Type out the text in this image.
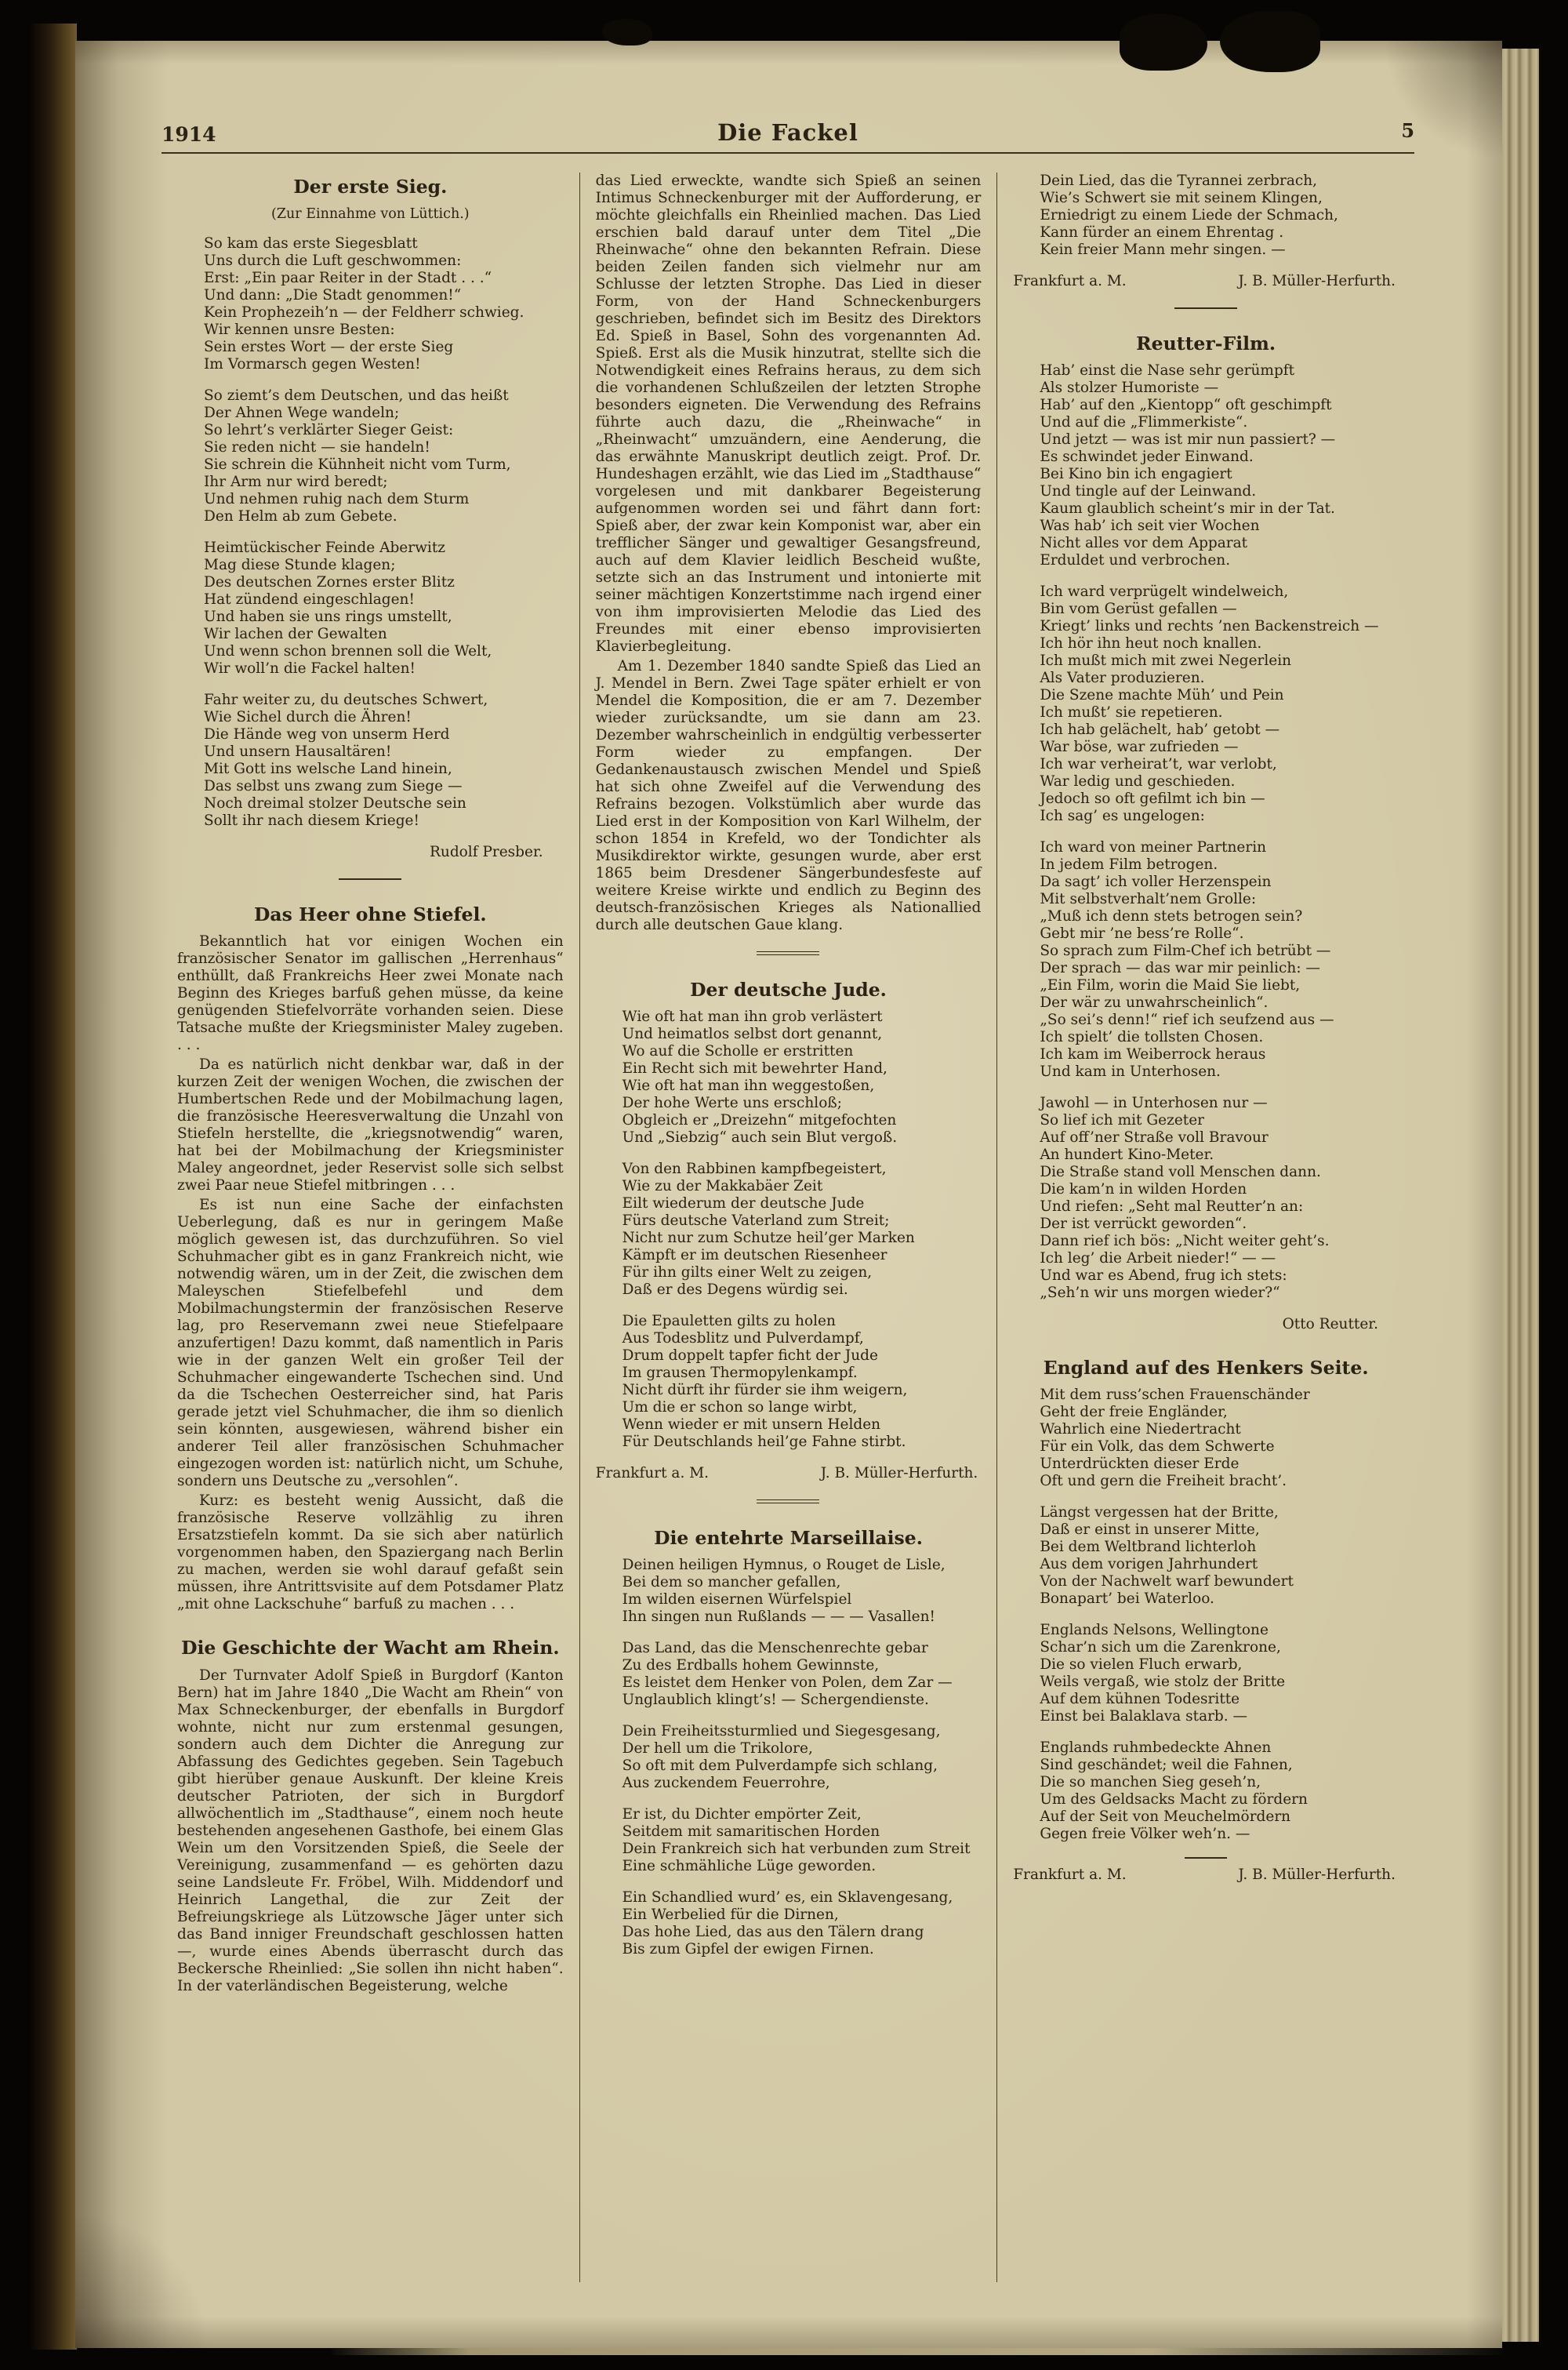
1914	Die Fackel	5
Der erste Sieg.
(Zur Einnahme von Lüttich.)
So kam das erste Siegesblatt
Uns durch die Luft geschwommen:
Erst: „Ein paar Reiter in der Stadt . . .“
Und dann: „Die Stadt genommen!“
Kein Prophezeih’n — der Feldherr schwieg.
Wir kennen unsre Besten:
Sein erstes Wort — der erste Sieg
Im Vormarsch gegen Westen!
So ziemt’s dem Deutschen, und das heißt
Der Ahnen Wege wandeln;
So lehrt’s verklärter Sieger Geist:
Sie reden nicht — sie handeln!
Sie schrein die Kühnheit nicht vom Turm,
Ihr Arm nur wird beredt;
Und nehmen ruhig nach dem Sturm
Den Helm ab zum Gebete.
Heimtückischer Feinde Aberwitz
Mag diese Stunde klagen;
Des deutschen Zornes erster Blitz
Hat zündend eingeschlagen!
Und haben sie uns rings umstellt,
Wir lachen der Gewalten
Und wenn schon brennen soll die Welt,
Wir woll’n die Fackel halten!
Fahr weiter zu, du deutsches Schwert,
Wie Sichel durch die Ähren!
Die Hände weg von unserm Herd
Und unsern Hausaltären!
Mit Gott ins welsche Land hinein,
Das selbst uns zwang zum Siege —
Noch dreimal stolzer Deutsche sein
Sollt ihr nach diesem Kriege!
Rudolf Presber.
Das Heer ohne Stiefel.

Bekanntlich hat vor einigen Wochen ein französischer Senator im gallischen „Herrenhaus“ enthüllt, daß Frankreichs Heer zwei Monate nach Beginn des Krieges barfuß gehen müsse, da keine genügenden Stiefelvorräte vorhanden seien. Diese Tatsache mußte der Kriegsminister Maley zugeben. . . .

Da es natürlich nicht denkbar war, daß in der kurzen Zeit der wenigen Wochen, die zwischen der Humbertschen Rede und der Mobilmachung lagen, die französische Heeresverwaltung die Unzahl von Stiefeln herstellte, die „kriegsnotwendig“ waren, hat bei der Mobilmachung der Kriegsminister Maley angeordnet, jeder Reservist solle sich selbst zwei Paar neue Stiefel mitbringen . . .

Es ist nun eine Sache der einfachsten Ueberlegung, daß es nur in geringem Maße möglich gewesen ist, das durchzuführen. So viel Schuhmacher gibt es in ganz Frankreich nicht, wie notwendig wären, um in der Zeit, die zwischen dem Maleyschen Stiefelbefehl und dem Mobilmachungstermin der französischen Reserve lag, pro Reservemann zwei neue Stiefelpaare anzufertigen! Dazu kommt, daß namentlich in Paris wie in der ganzen Welt ein großer Teil der Schuhmacher eingewanderte Tschechen sind. Und da die Tschechen Oesterreicher sind, hat Paris gerade jetzt viel Schuhmacher, die ihm so dienlich sein könnten, ausgewiesen, während bisher ein anderer Teil aller französischen Schuhmacher eingezogen worden ist: natürlich nicht, um Schuhe, sondern uns Deutsche zu „versohlen“.

Kurz: es besteht wenig Aussicht, daß die französische Reserve vollzählig zu ihren Ersatzstiefeln kommt. Da sie sich aber natürlich vorgenommen haben, den Spaziergang nach Berlin zu machen, werden sie wohl darauf gefaßt sein müssen, ihre Antrittsvisite auf dem Potsdamer Platz „mit ohne Lackschuhe“ barfuß zu machen . . .

Die Geschichte der Wacht am Rhein.

Der Turnvater Adolf Spieß in Burgdorf (Kanton Bern) hat im Jahre 1840 „Die Wacht am Rhein“ von Max Schneckenburger, der ebenfalls in Burgdorf wohnte, nicht nur zum erstenmal gesungen, sondern auch dem Dichter die Anregung zur Abfassung des Gedichtes gegeben. Sein Tagebuch gibt hierüber genaue Auskunft. Der kleine Kreis deutscher Patrioten, der sich in Burgdorf allwöchentlich im „Stadthause“, einem noch heute bestehenden angesehenen Gasthofe, bei einem Glas Wein um den Vorsitzenden Spieß, die Seele der Vereinigung, zusammenfand — es gehörten dazu seine Landsleute Fr. Fröbel, Wilh. Middendorf und Heinrich Langethal, die zur Zeit der Befreiungskriege als Lützowsche Jäger unter sich das Band inniger Freundschaft geschlossen hatten —, wurde eines Abends überrascht durch das Beckersche Rheinlied: „Sie sollen ihn nicht haben“. In der vaterländischen Begeisterung, welche

das Lied erweckte, wandte sich Spieß an seinen Intimus Schneckenburger mit der Aufforderung, er möchte gleichfalls ein Rheinlied machen. Das Lied erschien bald darauf unter dem Titel „Die Rheinwache“ ohne den bekannten Refrain. Diese beiden Zeilen fanden sich vielmehr nur am Schlusse der letzten Strophe. Das Lied in dieser Form, von der Hand Schneckenburgers geschrieben, befindet sich im Besitz des Direktors Ed. Spieß in Basel, Sohn des vorgenannten Ad. Spieß. Erst als die Musik hinzutrat, stellte sich die Notwendigkeit eines Refrains heraus, zu dem sich die vorhandenen Schlußzeilen der letzten Strophe besonders eigneten. Die Verwendung des Refrains führte auch dazu, die „Rheinwache“ in „Rheinwacht“ umzuändern, eine Aenderung, die das erwähnte Manuskript deutlich zeigt. Prof. Dr. Hundeshagen erzählt, wie das Lied im „Stadthause“ vorgelesen und mit dankbarer Begeisterung aufgenommen worden sei und fährt dann fort: Spieß aber, der zwar kein Komponist war, aber ein trefflicher Sänger und gewaltiger Gesangsfreund, auch auf dem Klavier leidlich Bescheid wußte, setzte sich an das Instrument und intonierte mit seiner mächtigen Konzertstimme nach irgend einer von ihm improvisierten Melodie das Lied des Freundes mit einer ebenso improvisierten Klavierbegleitung.

Am 1. Dezember 1840 sandte Spieß das Lied an J. Mendel in Bern. Zwei Tage später erhielt er von Mendel die Komposition, die er am 7. Dezember wieder zurücksandte, um sie dann am 23. Dezember wahrscheinlich in endgültig verbesserter Form wieder zu empfangen. Der Gedankenaustausch zwischen Mendel und Spieß hat sich ohne Zweifel auf die Verwendung des Refrains bezogen. Volkstümlich aber wurde das Lied erst in der Komposition von Karl Wilhelm, der schon 1854 in Krefeld, wo der Tondichter als Musikdirektor wirkte, gesungen wurde, aber erst 1865 beim Dresdener Sängerbundesfeste auf weitere Kreise wirkte und endlich zu Beginn des deutsch-französischen Krieges als Nationallied durch alle deutschen Gaue klang.

Der deutsche Jude.
Wie oft hat man ihn grob verlästert
Und heimatlos selbst dort genannt,
Wo auf die Scholle er erstritten
Ein Recht sich mit bewehrter Hand,
Wie oft hat man ihn weggestoßen,
Der hohe Werte uns erschloß;
Obgleich er „Dreizehn“ mitgefochten
Und „Siebzig“ auch sein Blut vergoß.
Von den Rabbinen kampfbegeistert,
Wie zu der Makkabäer Zeit
Eilt wiederum der deutsche Jude
Fürs deutsche Vaterland zum Streit;
Nicht nur zum Schutze heil’ger Marken
Kämpft er im deutschen Riesenheer
Für ihn gilts einer Welt zu zeigen,
Daß er des Degens würdig sei.
Die Epauletten gilts zu holen
Aus Todesblitz und Pulverdampf,
Drum doppelt tapfer ficht der Jude
Im grausen Thermopylenkampf.
Nicht dürft ihr fürder sie ihm weigern,
Um die er schon so lange wirbt,
Wenn wieder er mit unsern Helden
Für Deutschlands heil’ge Fahne stirbt.
Frankfurt a. M.	J. B. Müller-Herfurth.
Die entehrte Marseillaise.
Deinen heiligen Hymnus, o Rouget de Lisle,
Bei dem so mancher gefallen,
Im wilden eisernen Würfelspiel
Ihn singen nun Rußlands — — — Vasallen!
Das Land, das die Menschenrechte gebar
Zu des Erdballs hohem Gewinnste,
Es leistet dem Henker von Polen, dem Zar —
Unglaublich klingt’s! — Schergendienste.
Dein Freiheitssturmlied und Siegesgesang,
Der hell um die Trikolore,
So oft mit dem Pulverdampfe sich schlang,
Aus zuckendem Feuerrohre,
Er ist, du Dichter empörter Zeit,
Seitdem mit samaritischen Horden
Dein Frankreich sich hat verbunden zum Streit
Eine schmähliche Lüge geworden.
Ein Schandlied wurd’ es, ein Sklavengesang,
Ein Werbelied für die Dirnen,
Das hohe Lied, das aus den Tälern drang
Bis zum Gipfel der ewigen Firnen.
Dein Lied, das die Tyrannei zerbrach,
Wie’s Schwert sie mit seinem Klingen,
Erniedrigt zu einem Liede der Schmach,
Kann fürder an einem Ehrentag .
Kein freier Mann mehr singen. —
Frankfurt a. M.	J. B. Müller-Herfurth.
Reutter-Film.
Hab’ einst die Nase sehr gerümpft
Als stolzer Humoriste —
Hab’ auf den „Kientopp“ oft geschimpft
Und auf die „Flimmerkiste“.
Und jetzt — was ist mir nun passiert? —
Es schwindet jeder Einwand.
Bei Kino bin ich engagiert
Und tingle auf der Leinwand.
Kaum glaublich scheint’s mir in der Tat.
Was hab’ ich seit vier Wochen
Nicht alles vor dem Apparat
Erduldet und verbrochen.
Ich ward verprügelt windelweich,
Bin vom Gerüst gefallen —
Kriegt’ links und rechts ’nen Backenstreich —
Ich hör ihn heut noch knallen.
Ich mußt mich mit zwei Negerlein
Als Vater produzieren.
Die Szene machte Müh’ und Pein
Ich mußt’ sie repetieren.
Ich hab gelächelt, hab’ getobt —
War böse, war zufrieden —
Ich war verheirat’t, war verlobt,
War ledig und geschieden.
Jedoch so oft gefilmt ich bin —
Ich sag’ es ungelogen:
Ich ward von meiner Partnerin
In jedem Film betrogen.
Da sagt’ ich voller Herzenspein
Mit selbstverhalt’nem Grolle:
„Muß ich denn stets betrogen sein?
Gebt mir ’ne bess’re Rolle“.
So sprach zum Film-Chef ich betrübt —
Der sprach — das war mir peinlich: —
„Ein Film, worin die Maid Sie liebt,
Der wär zu unwahrscheinlich“.
„So sei’s denn!“ rief ich seufzend aus —
Ich spielt’ die tollsten Chosen.
Ich kam im Weiberrock heraus
Und kam in Unterhosen.
Jawohl — in Unterhosen nur —
So lief ich mit Gezeter
Auf off’ner Straße voll Bravour
An hundert Kino-Meter.
Die Straße stand voll Menschen dann.
Die kam’n in wilden Horden
Und riefen: „Seht mal Reutter’n an:
Der ist verrückt geworden“.
Dann rief ich bös: „Nicht weiter geht’s.
Ich leg’ die Arbeit nieder!“ — —
Und war es Abend, frug ich stets:
„Seh’n wir uns morgen wieder?“
Otto Reutter.
England auf des Henkers Seite.
Mit dem russ’schen Frauenschänder
Geht der freie Engländer,
Wahrlich eine Niedertracht
Für ein Volk, das dem Schwerte
Unterdrückten dieser Erde
Oft und gern die Freiheit bracht’.
Längst vergessen hat der Britte,
Daß er einst in unserer Mitte,
Bei dem Weltbrand lichterloh
Aus dem vorigen Jahrhundert
Von der Nachwelt warf bewundert
Bonapart’ bei Waterloo.
Englands Nelsons, Wellingtone
Schar’n sich um die Zarenkrone,
Die so vielen Fluch erwarb,
Weils vergaß, wie stolz der Britte
Auf dem kühnen Todesritte
Einst bei Balaklava starb. —
Englands ruhmbedeckte Ahnen
Sind geschändet; weil die Fahnen,
Die so manchen Sieg geseh’n,
Um des Geldsacks Macht zu fördern
Auf der Seit von Meuchelmördern
Gegen freie Völker weh’n. —
Frankfurt a. M.	J. B. Müller-Herfurth.
